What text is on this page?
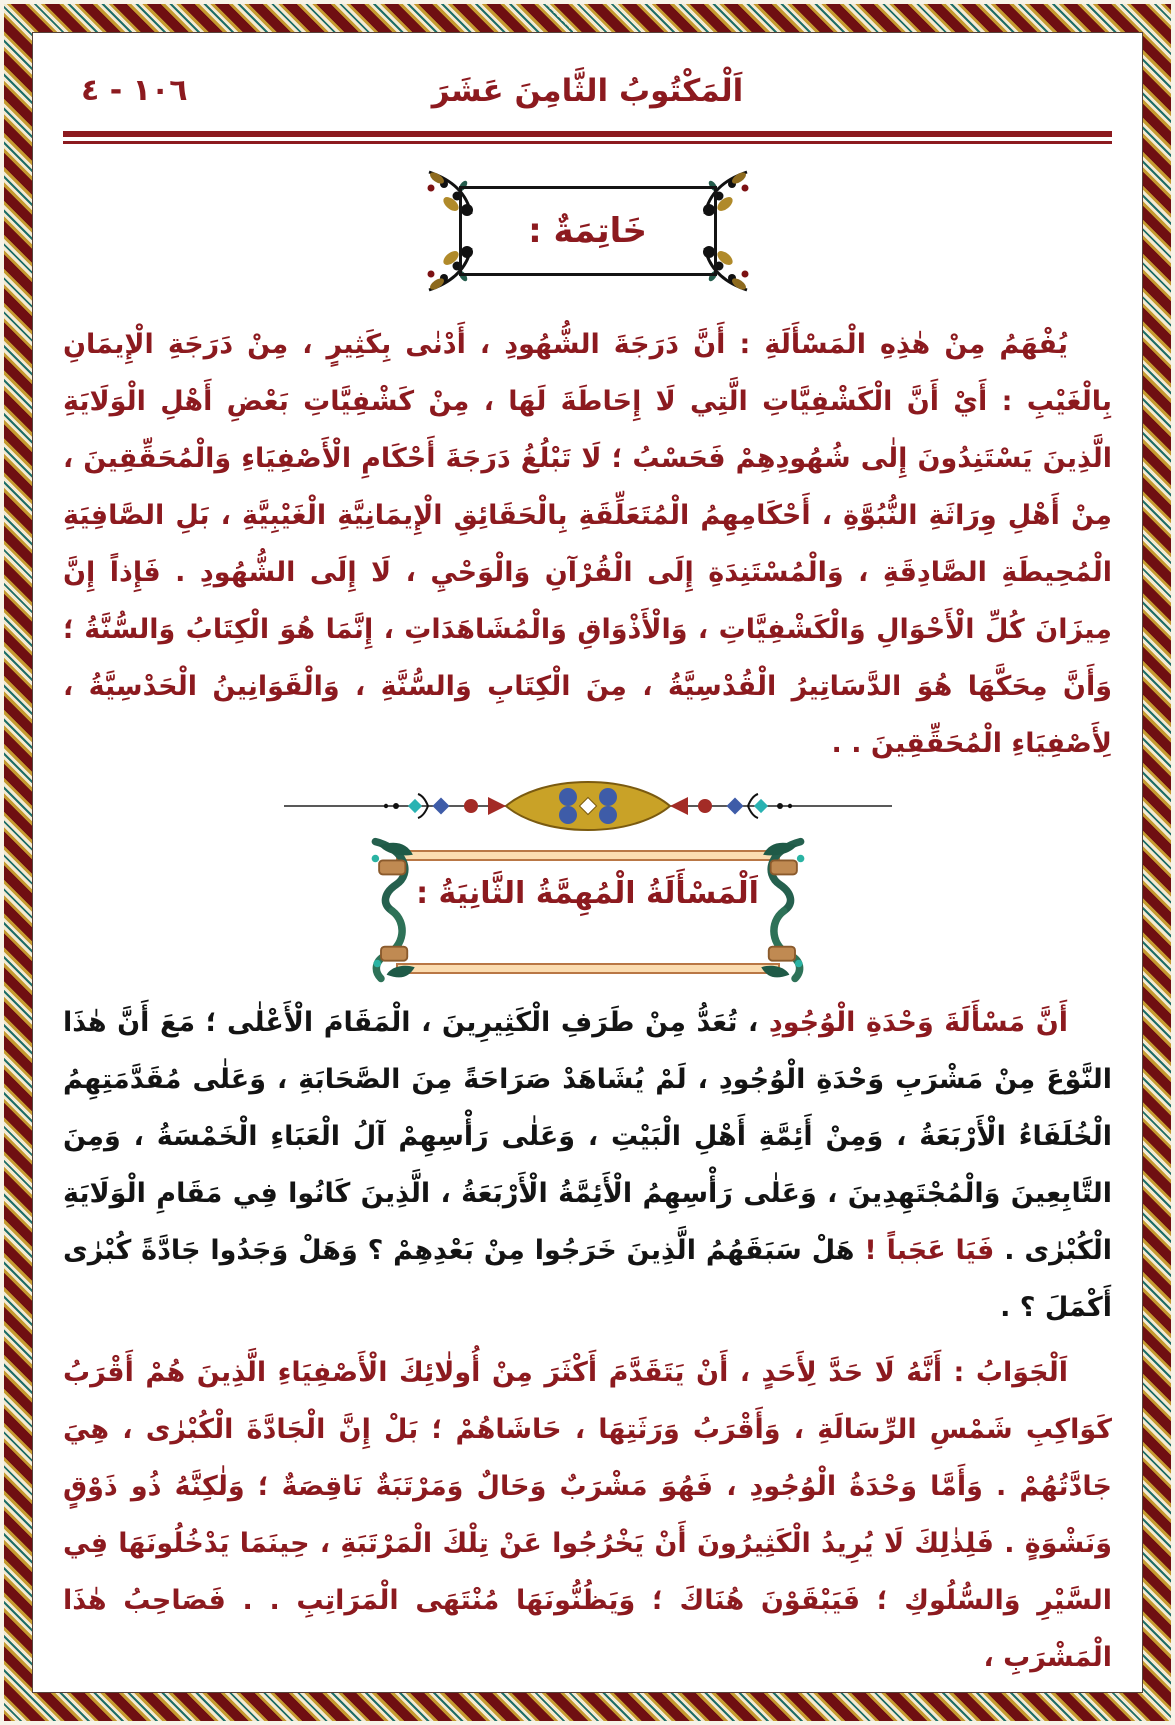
اَلْمَكْتُوبُ الثَّامِنَ عَشَرَ
١٠٦ - ٤
خَاتِمَةٌ :

يُفْهَمُ مِنْ هٰذِهِ الْمَسْأَلَةِ : أَنَّ دَرَجَةَ الشُّهُودِ ، أَدْنٰى بِكَثِيرٍ ، مِنْ دَرَجَةِ الْإِيمَانِ بِالْغَيْبِ : أَيْ أَنَّ الْكَشْفِيَّاتِ الَّتِي لَا إِحَاطَةَ لَهَا ، مِنْ كَشْفِيَّاتِ بَعْضِ أَهْلِ الْوَلَايَةِ الَّذِينَ يَسْتَنِدُونَ إِلٰى شُهُودِهِمْ فَحَسْبُ ؛ لَا تَبْلُغُ دَرَجَةَ أَحْكَامِ الْأَصْفِيَاءِ وَالْمُحَقِّقِينَ ، مِنْ أَهْلِ وِرَاثَةِ النُّبُوَّةِ ، أَحْكَامِهِمُ الْمُتَعَلِّقَةِ بِالْحَقَائِقِ الْإِيمَانِيَّةِ الْغَيْبِيَّةِ ، بَلِ الصَّافِيَةِ الْمُحِيطَةِ الصَّادِقَةِ ، وَالْمُسْتَنِدَةِ إِلَى الْقُرْآنِ وَالْوَحْيِ ، لَا إِلَى الشُّهُودِ . فَإِذاً إِنَّ مِيزَانَ كُلِّ الْأَحْوَالِ وَالْكَشْفِيَّاتِ ، وَالْأَذْوَاقِ وَالْمُشَاهَدَاتِ ، إِنَّمَا هُوَ الْكِتَابُ وَالسُّنَّةُ ؛ وَأَنَّ مِحَكَّهَا هُوَ الدَّسَاتِيرُ الْقُدْسِيَّةُ ، مِنَ الْكِتَابِ وَالسُّنَّةِ ، وَالْقَوَانِينُ الْحَدْسِيَّةُ ، لِأَصْفِيَاءِ الْمُحَقِّقِينَ . .

اَلْمَسْأَلَةُ الْمُهِمَّةُ الثَّانِيَةُ :

أَنَّ مَسْأَلَةَ وَحْدَةِ الْوُجُودِ ، تُعَدُّ مِنْ طَرَفِ الْكَثِيرِينَ ، الْمَقَامَ الْأَعْلٰى ؛ مَعَ أَنَّ هٰذَا النَّوْعَ مِنْ مَشْرَبِ وَحْدَةِ الْوُجُودِ ، لَمْ يُشَاهَدْ صَرَاحَةً مِنَ الصَّحَابَةِ ، وَعَلٰى مُقَدَّمَتِهِمُ الْخُلَفَاءُ الْأَرْبَعَةُ ، وَمِنْ أَئِمَّةِ أَهْلِ الْبَيْتِ ، وَعَلٰى رَأْسِهِمْ آلُ الْعَبَاءِ الْخَمْسَةُ ، وَمِنَ التَّابِعِينَ وَالْمُجْتَهِدِينَ ، وَعَلٰى رَأْسِهِمُ الْأَئِمَّةُ الْأَرْبَعَةُ ، الَّذِينَ كَانُوا فِي مَقَامِ الْوَلَايَةِ الْكُبْرٰى . فَيَا عَجَباً ! هَلْ سَبَقَهُمُ الَّذِينَ خَرَجُوا مِنْ بَعْدِهِمْ ؟ وَهَلْ وَجَدُوا جَادَّةً كُبْرٰى أَكْمَلَ ؟ .

اَلْجَوَابُ : أَنَّهُ لَا حَدَّ لِأَحَدٍ ، أَنْ يَتَقَدَّمَ أَكْثَرَ مِنْ أُولٰائِكَ الْأَصْفِيَاءِ الَّذِينَ هُمْ أَقْرَبُ كَوَاكِبِ شَمْسِ الرِّسَالَةِ ، وَأَقْرَبُ وَرَثَتِهَا ، حَاشَاهُمْ ؛ بَلْ إِنَّ الْجَادَّةَ الْكُبْرٰى ، هِيَ جَادَّتُهُمْ . وَأَمَّا وَحْدَةُ الْوُجُودِ ، فَهُوَ مَشْرَبٌ وَحَالٌ وَمَرْتَبَةٌ نَاقِصَةٌ ؛ وَلٰكِنَّهُ ذُو ذَوْقٍ وَنَشْوَةٍ . فَلِذٰلِكَ لَا يُرِيدُ الْكَثِيرُونَ أَنْ يَخْرُجُوا عَنْ تِلْكَ الْمَرْتَبَةِ ، حِينَمَا يَدْخُلُونَهَا فِي السَّيْرِ وَالسُّلُوكِ ؛ فَيَبْقَوْنَ هُنَاكَ ؛ وَيَظُنُّونَهَا مُنْتَهَى الْمَرَاتِبِ . . فَصَاحِبُ هٰذَا الْمَشْرَبِ ،
